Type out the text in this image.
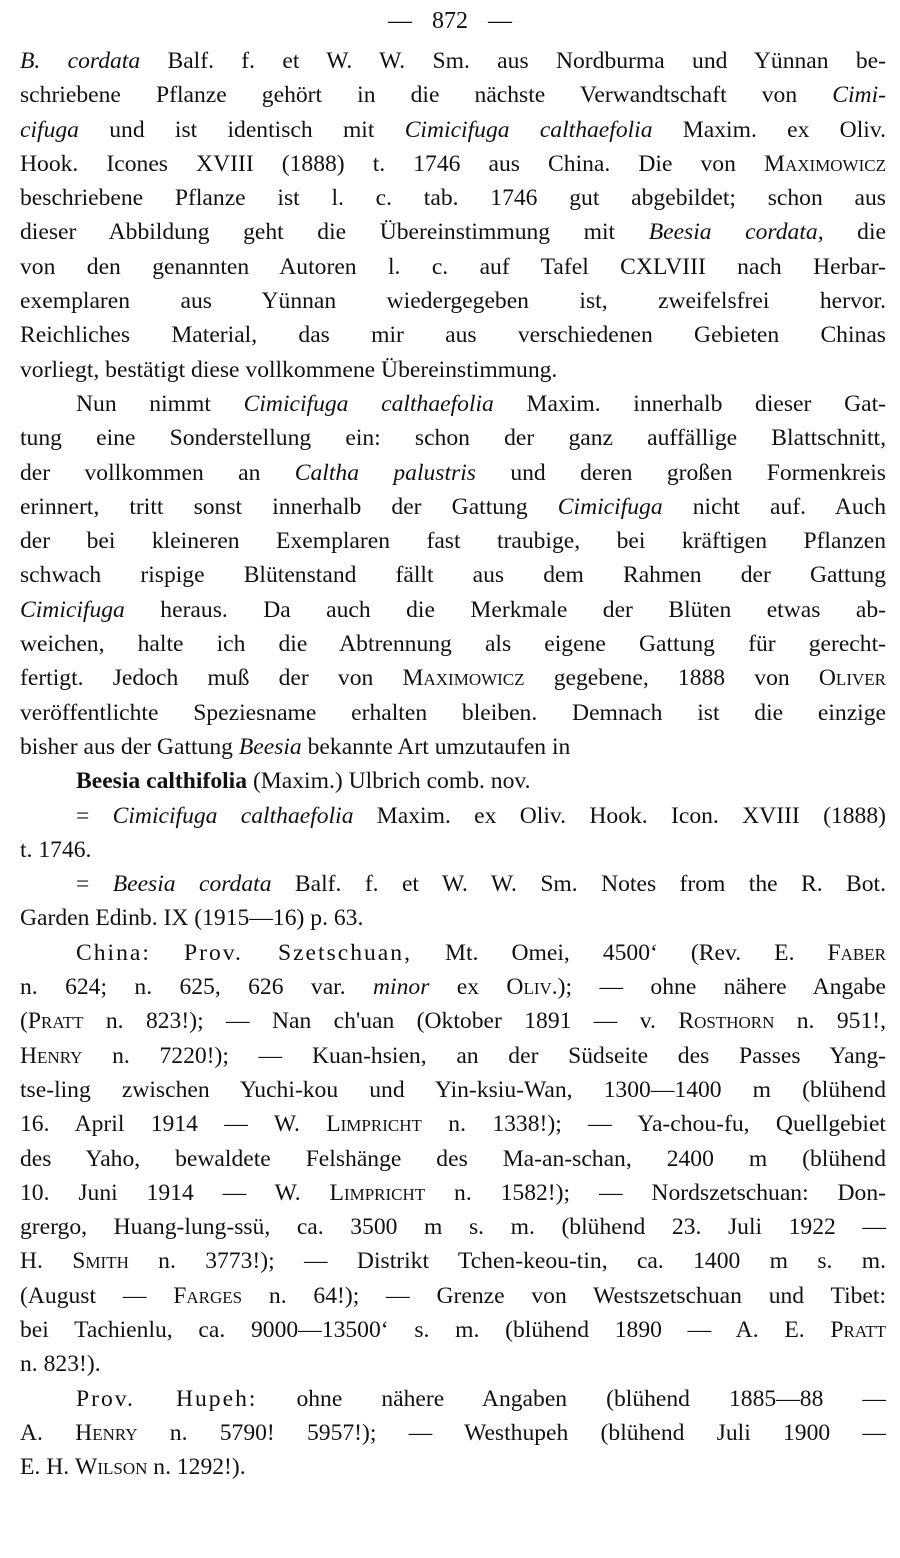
— 872 —
B. cordata Balf. f. et W. W. Sm. aus Nordburma und Yünnan be-
schriebene Pflanze gehört in die nächste Verwandtschaft von Cimi-
cifuga und ist identisch mit Cimicifuga calthaefolia Maxim. ex Oliv.
Hook. Icones XVIII (1888) t. 1746 aus China. Die von Maximowicz
beschriebene Pflanze ist l. c. tab. 1746 gut abgebildet; schon aus
dieser Abbildung geht die Übereinstimmung mit Beesia cordata, die
von den genannten Autoren l. c. auf Tafel CXLVIII nach Herbar-
exemplaren aus Yünnan wiedergegeben ist, zweifelsfrei hervor.
Reichliches Material, das mir aus verschiedenen Gebieten Chinas
vorliegt, bestätigt diese vollkommene Übereinstimmung.
Nun nimmt Cimicifuga calthaefolia Maxim. innerhalb dieser Gat-
tung eine Sonderstellung ein: schon der ganz auffällige Blattschnitt,
der vollkommen an Caltha palustris und deren großen Formenkreis
erinnert, tritt sonst innerhalb der Gattung Cimicifuga nicht auf. Auch
der bei kleineren Exemplaren fast traubige, bei kräftigen Pflanzen
schwach rispige Blütenstand fällt aus dem Rahmen der Gattung
Cimicifuga heraus. Da auch die Merkmale der Blüten etwas ab-
weichen, halte ich die Abtrennung als eigene Gattung für gerecht-
fertigt. Jedoch muß der von Maximowicz gegebene, 1888 von Oliver
veröffentlichte Speziesname erhalten bleiben. Demnach ist die einzige
bisher aus der Gattung Beesia bekannte Art umzutaufen in
Beesia calthifolia (Maxim.) Ulbrich comb. nov.
= Cimicifuga calthaefolia Maxim. ex Oliv. Hook. Icon. XVIII (1888)
t. 1746.
= Beesia cordata Balf. f. et W. W. Sm. Notes from the R. Bot.
Garden Edinb. IX (1915—16) p. 63.
China: Prov. Szetschuan, Mt. Omei, 4500ʻ (Rev. E. Faber
n. 624; n. 625, 626 var. minor ex Oliv.); — ohne nähere Angabe
(Pratt n. 823!); — Nan ch'uan (Oktober 1891 — v. Rosthorn n. 951!,
Henry n. 7220!); — Kuan-hsien, an der Südseite des Passes Yang-
tse-ling zwischen Yuchi-kou und Yin-ksiu-Wan, 1300—1400 m (blühend
16. April 1914 — W. Limpricht n. 1338!); — Ya-chou-fu, Quellgebiet
des Yaho, bewaldete Felshänge des Ma-an-schan, 2400 m (blühend
10. Juni 1914 — W. Limpricht n. 1582!); — Nordszetschuan: Don-
grergo, Huang-lung-ssü, ca. 3500 m s. m. (blühend 23. Juli 1922 —
H. Smith n. 3773!); — Distrikt Tchen-keou-tin, ca. 1400 m s. m.
(August — Farges n. 64!); — Grenze von Westszetschuan und Tibet:
bei Tachienlu, ca. 9000—13500ʻ s. m. (blühend 1890 — A. E. Pratt
n. 823!).
Prov. Hupeh: ohne nähere Angaben (blühend 1885—88 —
A. Henry n. 5790! 5957!); — Westhupeh (blühend Juli 1900 —
E. H. Wilson n. 1292!).
